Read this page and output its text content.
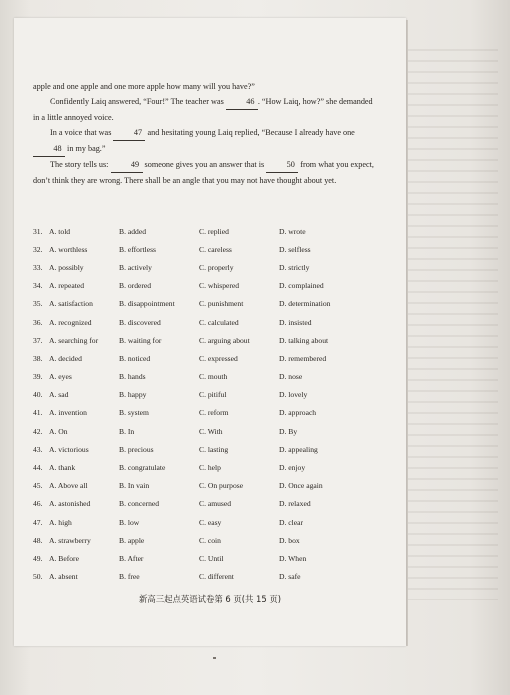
新高三起点英语试卷第 6 页(共 15 页)

apple and one apple and one more apple how many will you have?”

Confidently Laiq answered, “Four!” The teacher was	46 . “How Laiq, how?” she demanded in a little annoyed voice.

In a voice that was	47 and hesitating young Laiq replied, “Because I already have one 48 in my bag.”

The story tells us:	49 someone gives you an answer that is	50 from what you expect, don’t think they are wrong. There shall be an angle that you may not have thought about yet.

31. A. told	B. added	C. replied	D. wrote
32. A. worthless	B. effortless	C. careless	D. selfless
33. A. possibly	B. actively	C. properly	D. strictly
34. A. repeated	B. ordered	C. whispered	D. complained
35. A. satisfaction	B. disappointment	C. punishment	D. determination
36. A. recognized	B. discovered	C. calculated	D. insisted
37. A. searching for	B. waiting for	C. arguing about	D. talking about
38. A. decided	B. noticed	C. expressed	D. remembered
39. A. eyes	B. hands	C. mouth	D. nose
40. A. sad	B. happy	C. pitiful	D. lovely
41. A. invention	B. system	C. reform	D. approach
42. A. On	B. In	C. With	D. By
43. A. victorious	B. precious	C. lasting	D. appealing
44. A. thank	B. congratulate	C. help	D. enjoy
45. A. Above all	B. In vain	C. On purpose	D. Once again
46. A. astonished	B. concerned	C. amused	D. relaxed
47. A. high	B. low	C. easy	D. clear
48. A. strawberry	B. apple	C. coin	D. box
49. A. Before	B. After	C. Until	D. When
50. A. absent	B. free	C. different	D. safe
